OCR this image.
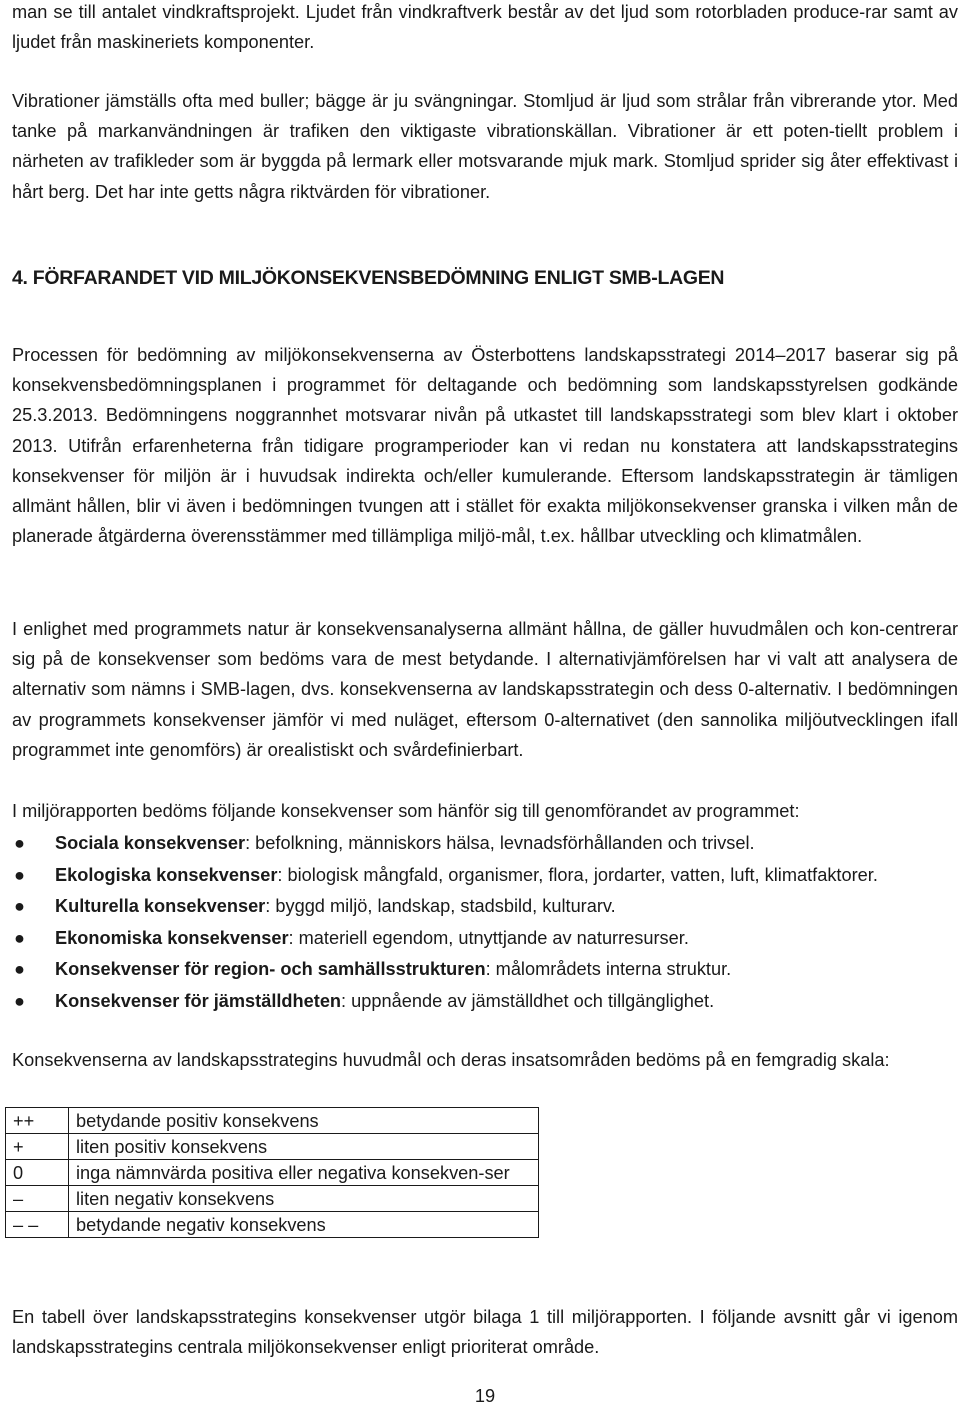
man se till antalet vindkraftsprojekt. Ljudet från vindkraftverk består av det ljud som rotorbladen produce-rar samt av ljudet från maskineriets komponenter.

Vibrationer jämställs ofta med buller; bägge är ju svängningar. Stomljud är ljud som strålar från vibrerande ytor. Med tanke på markanvändningen är trafiken den viktigaste vibrationskällan. Vibrationer är ett poten-tiellt problem i närheten av trafikleder som är byggda på lermark eller motsvarande mjuk mark. Stomljud sprider sig åter effektivast i hårt berg. Det har inte getts några riktvärden för vibrationer.

4. FÖRFARANDET VID MILJÖKONSEKVENSBEDÖMNING ENLIGT SMB-LAGEN

Processen för bedömning av miljökonsekvenserna av Österbottens landskapsstrategi 2014‒2017 baserar sig på konsekvensbedömningsplanen i programmet för deltagande och bedömning som landskapsstyrelsen godkände 25.3.2013. Bedömningens noggrannhet motsvarar nivån på utkastet till landskapsstrategi som blev klart i oktober 2013. Utifrån erfarenheterna från tidigare programperioder kan vi redan nu konstatera att landskapsstrategins konsekvenser för miljön är i huvudsak indirekta och/eller kumulerande. Eftersom landskapsstrategin är tämligen allmänt hållen, blir vi även i bedömningen tvungen att i stället för exakta miljökonsekvenser granska i vilken mån de planerade åtgärderna överensstämmer med tillämpliga miljö-mål, t.ex. hållbar utveckling och klimatmålen.

I enlighet med programmets natur är konsekvensanalyserna allmänt hållna, de gäller huvudmålen och kon-centrerar sig på de konsekvenser som bedöms vara de mest betydande. I alternativjämförelsen har vi valt att analysera de alternativ som nämns i SMB-lagen, dvs. konsekvenserna av landskapsstrategin och dess 0-alternativ. I bedömningen av programmets konsekvenser jämför vi med nuläget, eftersom 0-alternativet (den sannolika miljöutvecklingen ifall programmet inte genomförs) är orealistiskt och svårdefinierbart.

I miljörapporten bedöms följande konsekvenser som hänför sig till genomförandet av programmet:

● Sociala konsekvenser: befolkning, människors hälsa, levnadsförhållanden och trivsel.
● Ekologiska konsekvenser: biologisk mångfald, organismer, flora, jordarter, vatten, luft, klimatfaktorer.
● Kulturella konsekvenser: byggd miljö, landskap, stadsbild, kulturarv.
● Ekonomiska konsekvenser: materiell egendom, utnyttjande av naturresurser.
● Konsekvenser för region- och samhällsstrukturen: målområdets interna struktur.
● Konsekvenser för jämställdheten: uppnående av jämställdhet och tillgänglighet.

Konsekvenserna av landskapsstrategins huvudmål och deras insatsområden bedöms på en femgradig skala:

++	betydande positiv konsekvens
+	liten positiv konsekvens
0	inga nämnvärda positiva eller negativa konsekven-ser
‒	liten negativ konsekvens
‒ ‒	betydande negativ konsekvens

En tabell över landskapsstrategins konsekvenser utgör bilaga 1 till miljörapporten. I följande avsnitt går vi igenom landskapsstrategins centrala miljökonsekvenser enligt prioriterat område.

19
